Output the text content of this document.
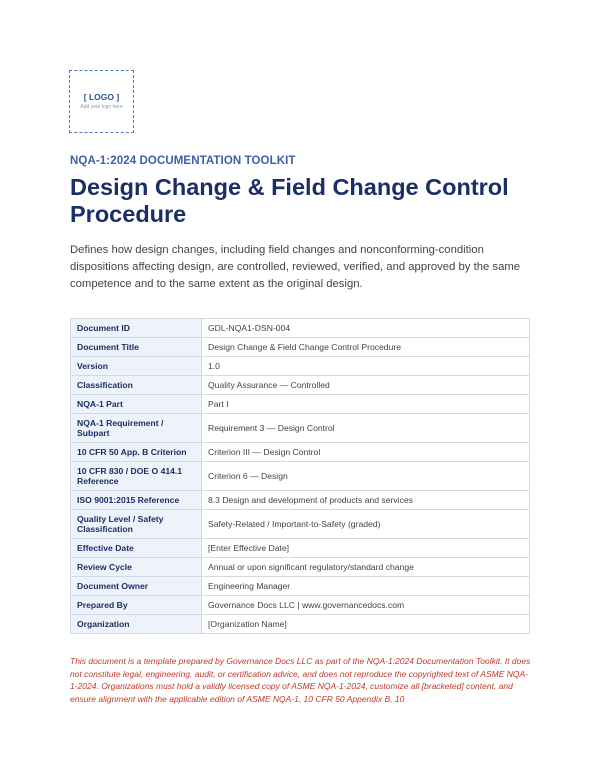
[ LOGO ]
Add your logo here
NQA-1:2024 DOCUMENTATION TOOLKIT
Design Change & Field Change Control Procedure

Defines how design changes, including field changes and nonconforming-condition dispositions affecting design, are controlled, reviewed, verified, and approved by the same competence and to the same extent as the original design.

Document ID	GDL-NQA1-DSN-004
Document Title	Design Change & Field Change Control Procedure
Version	1.0
Classification	Quality Assurance — Controlled
NQA-1 Part	Part I
NQA-1 Requirement / Subpart	Requirement 3 — Design Control
10 CFR 50 App. B Criterion	Criterion III — Design Control
10 CFR 830 / DOE O 414.1 Reference	Criterion 6 — Design
ISO 9001:2015 Reference	8.3 Design and development of products and services
Quality Level / Safety Classification	Safety-Related / Important-to-Safety (graded)
Effective Date	[Enter Effective Date]
Review Cycle	Annual or upon significant regulatory/standard change
Document Owner	Engineering Manager
Prepared By	Governance Docs LLC | www.governancedocs.com
Organization	[Organization Name]

This document is a template prepared by Governance Docs LLC as part of the NQA-1:2024 Documentation Toolkit. It does not constitute legal, engineering, audit, or certification advice, and does not reproduce the copyrighted text of ASME NQA-1-2024. Organizations must hold a validly licensed copy of ASME NQA-1-2024, customize all [bracketed] content, and ensure alignment with the applicable edition of ASME NQA-1, 10 CFR 50 Appendix B, 10
